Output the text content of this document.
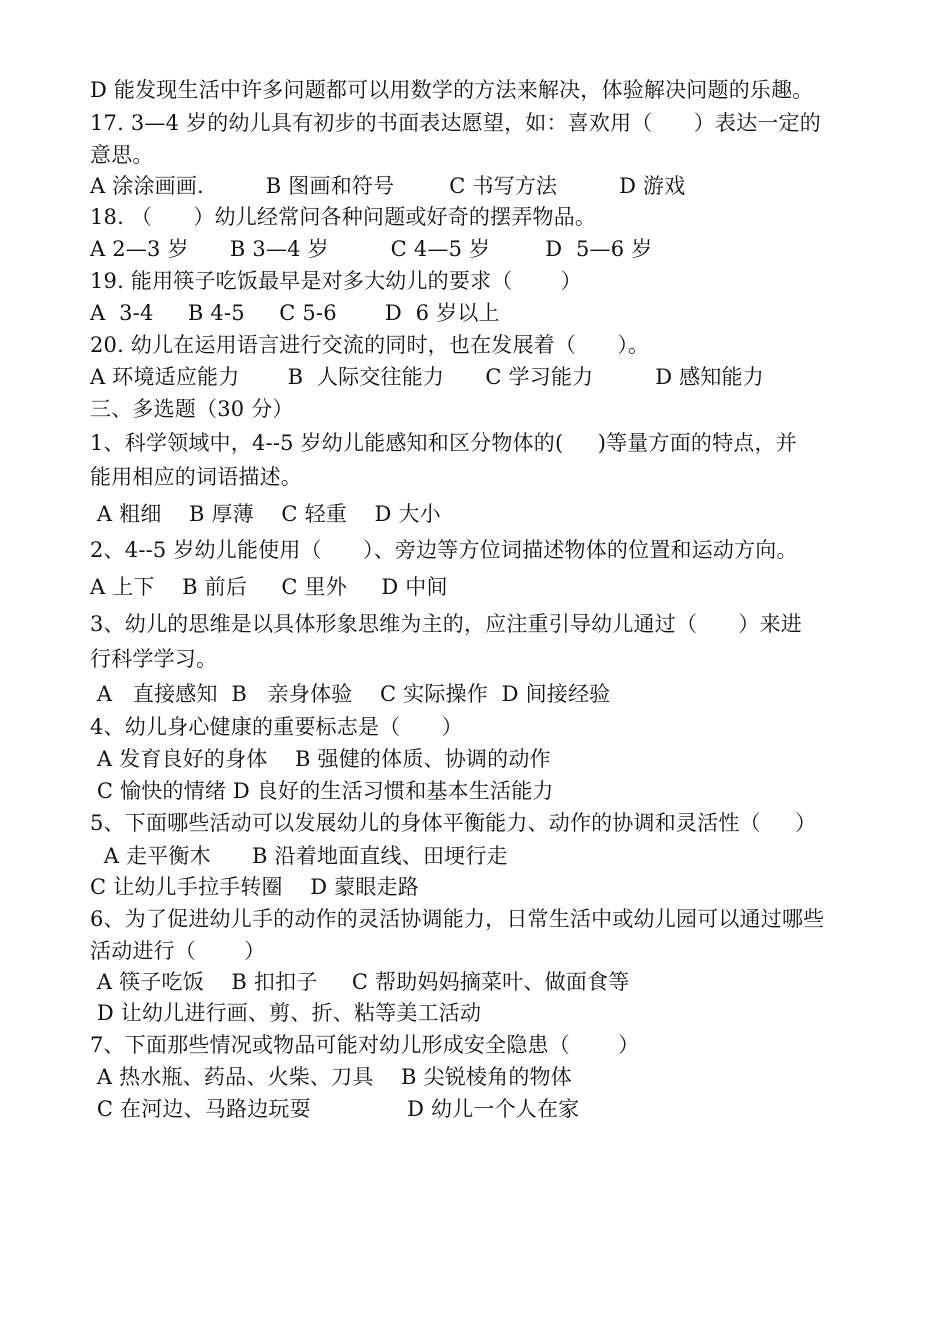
D 能发现生活中许多问题都可以用数学的方法来解决，体验解决问题的乐趣。
17. 3—4 岁的幼儿具有初步的书面表达愿望，如：喜欢用（      ）表达一定的
意思。
A 涂涂画画.         B 图画和符号        C 书写方法         D 游戏
18. （      ）幼儿经常问各种问题或好奇的摆弄物品。
A 2—3 岁      B 3—4 岁         C 4—5 岁        D  5—6 岁
19. 能用筷子吃饭最早是对多大幼儿的要求（       ）
A  3-4     B 4-5     C 5-6       D  6 岁以上
20. 幼儿在运用语言进行交流的同时，也在发展着（      ）。
A 环境适应能力       B  人际交往能力      C 学习能力         D 感知能力
三、多选题（30 分）
1、科学领域中，4--5 岁幼儿能感知和区分物体的(     )等量方面的特点，并
能用相应的词语描述。
A 粗细    B 厚薄    C 轻重    D 大小
2、4--5 岁幼儿能使用（      ）、旁边等方位词描述物体的位置和运动方向。
A 上下    B 前后     C 里外     D 中间
3、幼儿的思维是以具体形象思维为主的，应注重引导幼儿通过（      ）来进
行科学学习。
A   直接感知  B   亲身体验    C 实际操作  D 间接经验
4、幼儿身心健康的重要标志是（      ）
A 发育良好的身体    B 强健的体质、协调的动作
C 愉快的情绪 D 良好的生活习惯和基本生活能力
5、下面哪些活动可以发展幼儿的身体平衡能力、动作的协调和灵活性（     ）
A 走平衡木      B 沿着地面直线、田埂行走
C 让幼儿手拉手转圈    D 蒙眼走路
6、为了促进幼儿手的动作的灵活协调能力，日常生活中或幼儿园可以通过哪些
活动进行（       ）
A 筷子吃饭    B 扣扣子     C 帮助妈妈摘菜叶、做面食等
D 让幼儿进行画、剪、折、粘等美工活动
7、下面那些情况或物品可能对幼儿形成安全隐患（       ）
A 热水瓶、药品、火柴、刀具    B 尖锐棱角的物体
C 在河边、马路边玩耍              D 幼儿一个人在家
